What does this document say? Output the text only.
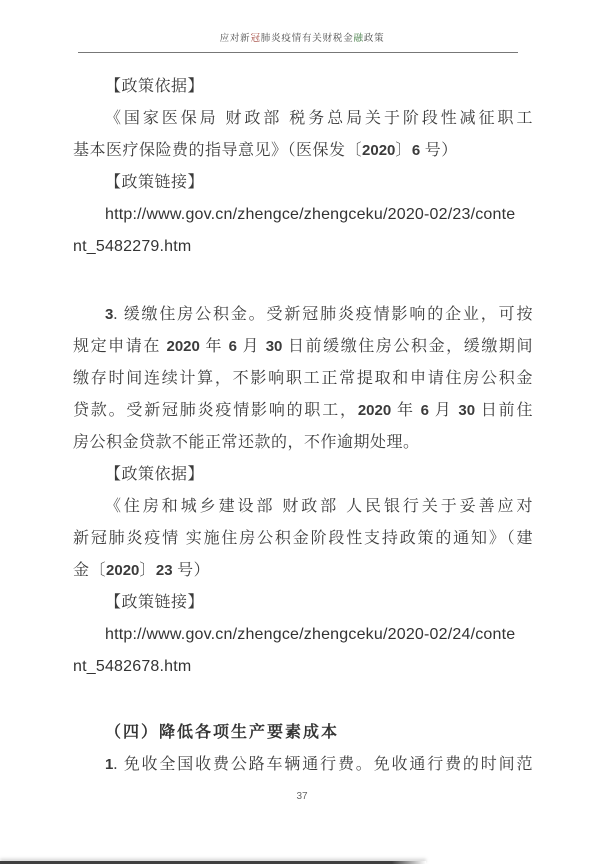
应对新冠肺炎疫情有关财税金融政策
【政策依据】
《国家医保局 财政部 税务总局关于阶段性减征职工
基本医疗保险费的指导意见》（医保发〔2020〕6 号）
【政策链接】
http://www.gov.cn/zhengce/zhengceku/2020-02/23/conte
nt_5482279.htm
3. 缓缴住房公积金。受新冠肺炎疫情影响的企业，可按
规定申请在 2020 年 6 月 30 日前缓缴住房公积金，缓缴期间
缴存时间连续计算，不影响职工正常提取和申请住房公积金
贷款。受新冠肺炎疫情影响的职工，2020 年 6 月 30 日前住
房公积金贷款不能正常还款的，不作逾期处理。
【政策依据】
《住房和城乡建设部 财政部 人民银行关于妥善应对
新冠肺炎疫情 实施住房公积金阶段性支持政策的通知》（建
金〔2020〕23 号）
【政策链接】
http://www.gov.cn/zhengce/zhengceku/2020-02/24/conte
nt_5482678.htm
（四）降低各项生产要素成本
1. 免收全国收费公路车辆通行费。免收通行费的时间范
37
